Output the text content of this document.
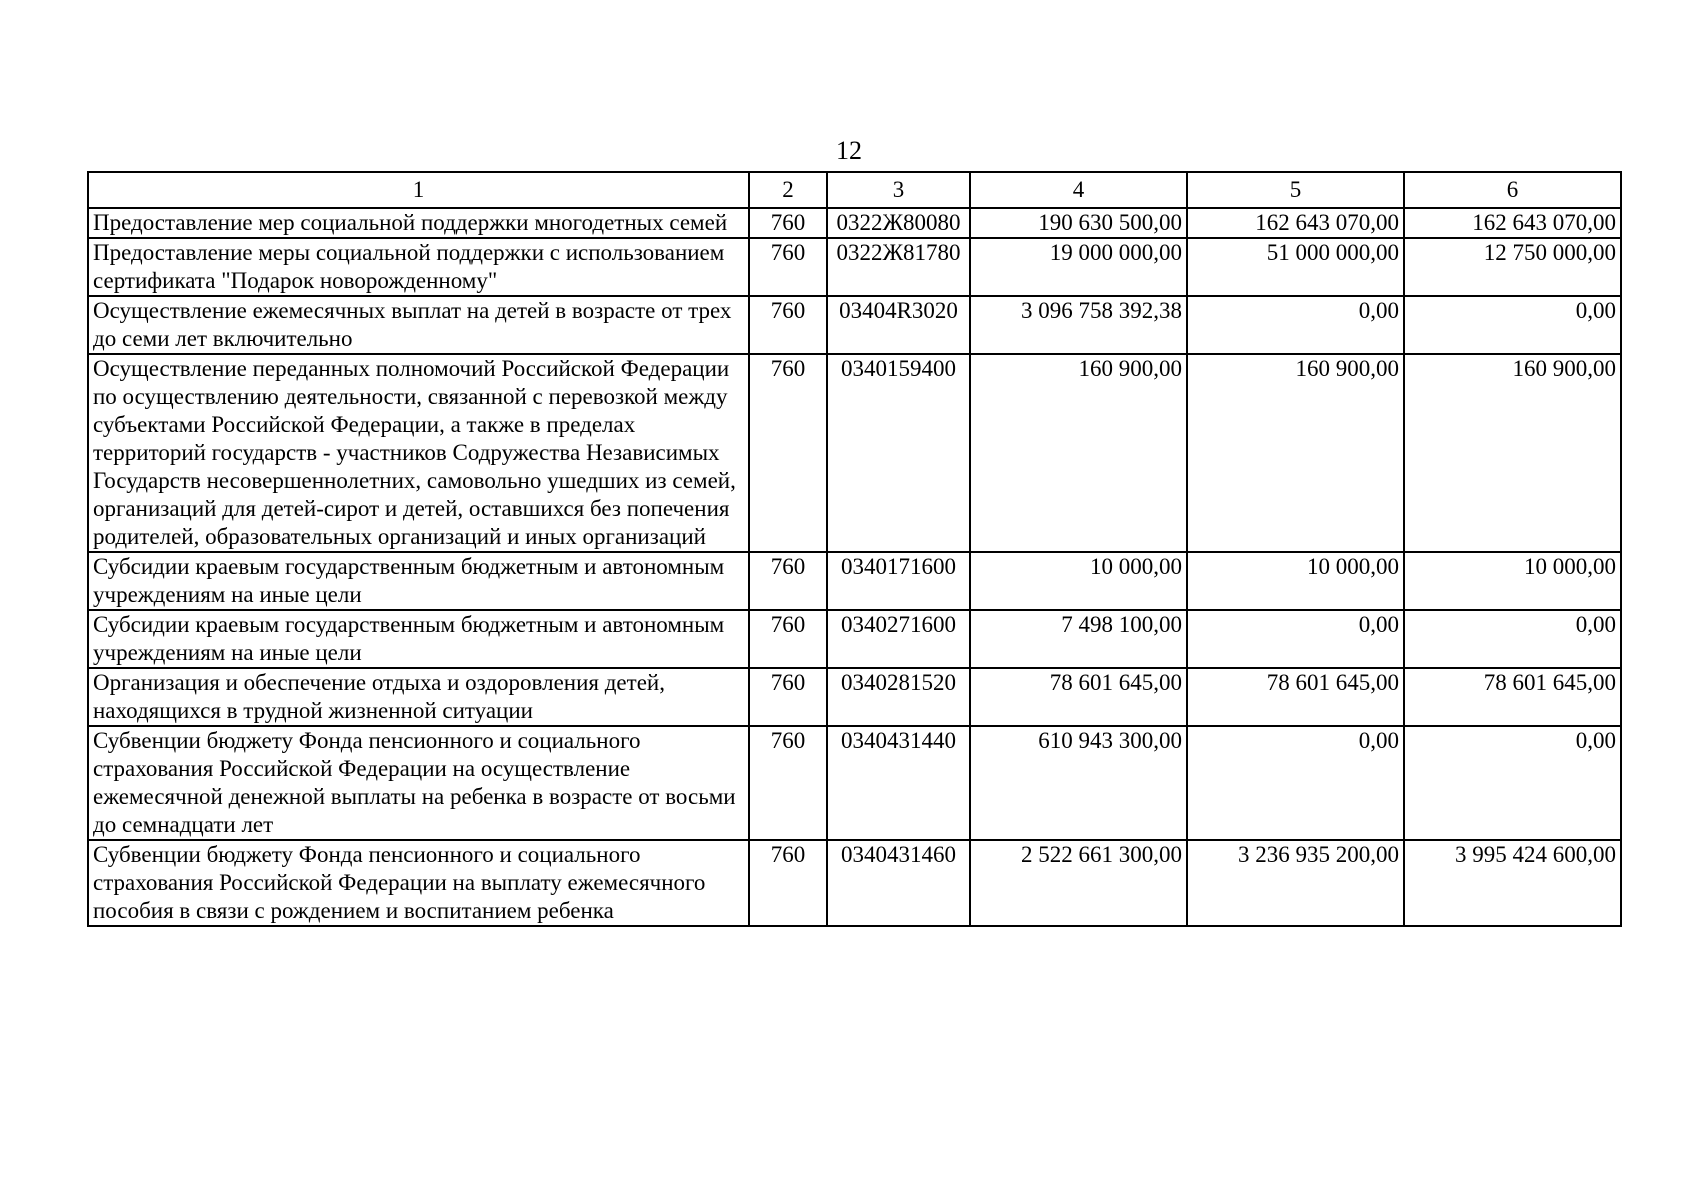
12
1	2	3	4	5	6
Предоставление мер социальной поддержки многодетных семей	760	0322Ж80080	190 630 500,00	162 643 070,00	162 643 070,00
Предоставление меры социальной поддержки с использованием сертификата "Подарок новорожденному"	760	0322Ж81780	19 000 000,00	51 000 000,00	12 750 000,00
Осуществление ежемесячных выплат на детей в возрасте от трех до семи лет включительно	760	03404R3020	3 096 758 392,38	0,00	0,00
Осуществление переданных полномочий Российской Федерации по осуществлению деятельности, связанной с перевозкой между субъектами Российской Федерации, а также в пределах территорий государств - участников Содружества Независимых Государств несовершеннолетних, самовольно ушедших из семей, организаций для детей-сирот и детей, оставшихся без попечения родителей, образовательных организаций и иных организаций	760	0340159400	160 900,00	160 900,00	160 900,00
Субсидии краевым государственным бюджетным и автономным учреждениям на иные цели	760	0340171600	10 000,00	10 000,00	10 000,00
Субсидии краевым государственным бюджетным и автономным учреждениям на иные цели	760	0340271600	7 498 100,00	0,00	0,00
Организация и обеспечение отдыха и оздоровления детей, находящихся в трудной жизненной ситуации	760	0340281520	78 601 645,00	78 601 645,00	78 601 645,00
Субвенции бюджету Фонда пенсионного и социального страхования Российской Федерации на осуществление ежемесячной денежной выплаты на ребенка в возрасте от восьми до семнадцати лет	760	0340431440	610 943 300,00	0,00	0,00
Субвенции бюджету Фонда пенсионного и социального страхования Российской Федерации на выплату ежемесячного пособия в связи с рождением и воспитанием ребенка	760	0340431460	2 522 661 300,00	3 236 935 200,00	3 995 424 600,00
